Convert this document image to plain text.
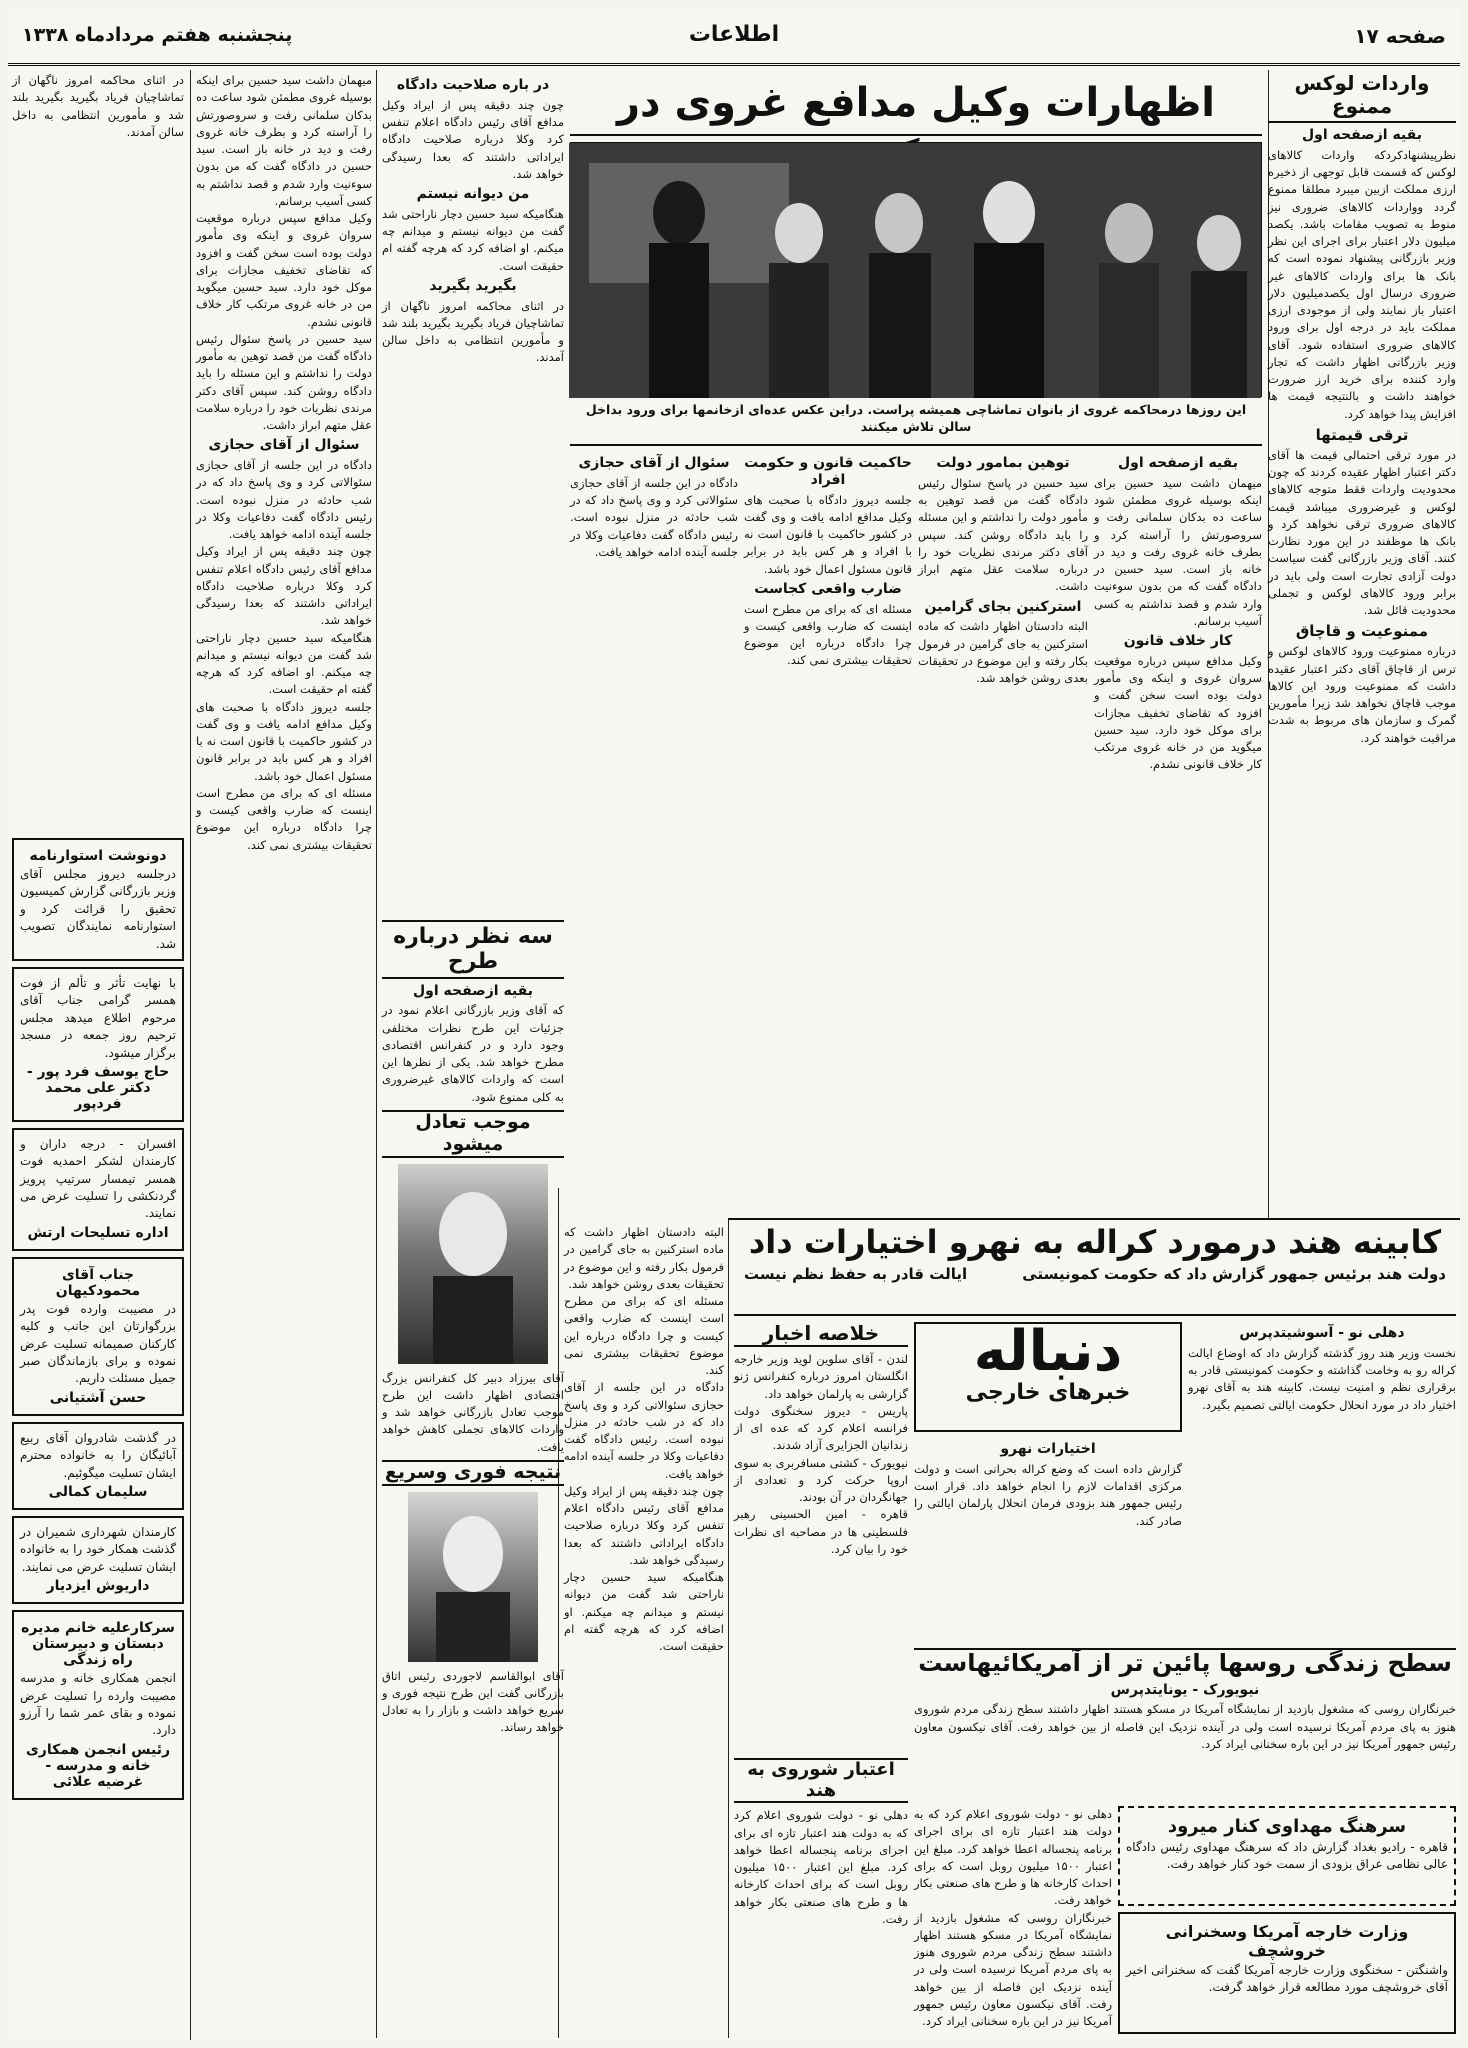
صفحه ۱۷
اطلاعات
پنجشنبه هفتم مردادماه ۱۳۳۸
واردات لوکس ممنوع
بقیه ازصفحه اول
نظرپیشنهادکردکه واردات کالاهای لوکس که قسمت قابل توجهی از ذخیره ارزی مملکت ازبین میبرد مطلقا ممنوع گردد وواردات کالاهای ضروری نیز منوط به تصویب مقامات باشد. یکصد میلیون دلار اعتبار برای اجرای این نظر وزیر بازرگانی پیشنهاد نموده است که بانک ها برای واردات کالاهای غیر ضروری درسال اول یکصدمیلیون دلار اعتبار باز نمایند ولی از موجودی ارزی مملکت باید در درجه اول برای ورود کالاهای ضروری استفاده شود. آقای وزیر بازرگانی اظهار داشت که تجار وارد کننده برای خرید ارز ضرورت خواهند داشت و بالنتیجه قیمت ها افزایش پیدا خواهد کرد.
ترقی قیمتها
در مورد ترقی احتمالی قیمت ها آقای دکتر اعتبار اظهار عقیده کردند که چون محدودیت واردات فقط متوجه کالاهای لوکس و غیرضروری میباشد قیمت کالاهای ضروری ترقی نخواهد کرد و بانک ها موظفند در این مورد نظارت کنند. آقای وزیر بازرگانی گفت سیاست دولت آزادی تجارت است ولی باید در برابر ورود کالاهای لوکس و تجملی محدودیت قائل شد.
ممنوعیت و قاچاق
درباره ممنوعیت ورود کالاهای لوکس و ترس از قاچاق آقای دکتر اعتبار عقیده داشت که ممنوعیت ورود این کالاها موجب قاچاق نخواهد شد زیرا مأمورین گمرک و سازمان های مربوط به شدت مراقبت خواهند کرد.
اظهارات وکیل مدافع غروی در
این روزها درمحاکمه غروی از بانوان تماشاچی همیشه پراست. دراین عکس عده‌ای ازخانمها برای ورود بداخل سالن تلاش میکنند
بقیه ازصفحه اول
میهمان داشت سید حسین برای اینکه بوسیله غروی مطمئن شود ساعت ده بدکان سلمانی رفت و سروصورتش را آراسته کرد و بطرف خانه غروی رفت و دید در خانه باز است. سید حسین در دادگاه گفت که من بدون سوءنیت وارد شدم و قصد نداشتم به کسی آسیب برسانم.
کار خلاف قانون
وکیل مدافع سپس درباره موقعیت سروان غروی و اینکه وی مأمور دولت بوده است سخن گفت و افزود که تقاضای تخفیف مجازات برای موکل خود دارد. سید حسین میگوید من در خانه غروی مرتکب کار خلاف قانونی نشدم.
توهین بمامور دولت
سید حسین در پاسخ سئوال رئیس دادگاه گفت من قصد توهین به مأمور دولت را نداشتم و این مسئله را باید دادگاه روشن کند. سپس آقای دکتر مرندی نظریات خود را درباره سلامت عقل متهم ابراز داشت.
استرکنین بجای گرامین
البته دادستان اظهار داشت که ماده استرکنین به جای گرامین در فرمول بکار رفته و این موضوع در تحقیقات بعدی روشن خواهد شد.
حاکمیت قانون و حکومت افراد
جلسه دیروز دادگاه با صحبت های وکیل مدافع ادامه یافت و وی گفت در کشور حاکمیت با قانون است نه با افراد و هر کس باید در برابر قانون مسئول اعمال خود باشد.
ضارب واقعی کجاست
مسئله ای که برای من مطرح است اینست که ضارب واقعی کیست و چرا دادگاه درباره این موضوع تحقیقات بیشتری نمی کند.
سئوال از آقای حجازی
دادگاه در این جلسه از آقای حجازی سئوالاتی کرد و وی پاسخ داد که در شب حادثه در منزل نبوده است. رئیس دادگاه گفت دفاعیات وکلا در جلسه آینده ادامه خواهد یافت.
در باره صلاحیت دادگاه
چون چند دقیقه پس از ایراد وکیل مدافع آقای رئیس دادگاه اعلام تنفس کرد وکلا درباره صلاحیت دادگاه ایراداتی داشتند که بعدا رسیدگی خواهد شد.
من دیوانه نیستم
هنگامیکه سید حسین دچار ناراحتی شد گفت من دیوانه نیستم و میدانم چه میکنم. او اضافه کرد که هرچه گفته ام حقیقت است.
بگیرید بگیرید
در اثنای محاکمه امروز ناگهان از تماشاچیان فریاد بگیرید بگیرید بلند شد و مأمورین انتظامی به داخل سالن آمدند.
سه نظر درباره طرح
بقیه ازصفحه اول
که آقای وزیر بازرگانی اعلام نمود در جزئیات این طرح نظرات مختلفی وجود دارد و در کنفرانس اقتصادی مطرح خواهد شد. یکی از نظرها این است که واردات کالاهای غیرضروری به کلی ممنوع شود.
موجب تعادل میشود
آقای بیرزاد دبیر کل کنفرانس بزرگ اقتصادی اظهار داشت این طرح موجب تعادل بازرگانی خواهد شد و واردات کالاهای تجملی کاهش خواهد یافت.
نتیجه فوری وسریع
آقای ابوالقاسم لاجوردی رئیس اتاق بازرگانی گفت این طرح نتیجه فوری و سریع خواهد داشت و بازار را به تعادل خواهد رساند.
در اثنای محاکمه امروز ناگهان از تماشاچیان فریاد بگیرید بگیرید بلند شد و مأمورین انتظامی به داخل سالن آمدند.
دونوشت استوارنامه
درجلسه دیروز مجلس آقای وزیر بازرگانی گزارش کمیسیون تحقیق را قرائت کرد و استوارنامه نمایندگان تصویب شد.
با نهایت تأثر و تألم از فوت همسر گرامی جناب آقای مرحوم اطلاع میدهد مجلس ترحیم روز جمعه در مسجد برگزار میشود.
حاج یوسف فرد پور - دکتر علی محمد فردپور
افسران - درجه داران و کارمندان لشکر احمدیه فوت همسر تیمسار سرتیپ پرویز گردنکشی را تسلیت عرض می نمایند.
اداره تسلیحات ارتش
جناب آقای محمودکیهان
در مصیبت وارده فوت پدر بزرگوارتان این جانب و کلیه کارکنان صمیمانه تسلیت عرض نموده و برای بازماندگان صبر جمیل مسئلت داریم.
حسن آشتیانی
در گذشت شادروان آقای ربیع آبائیگان را به خانواده محترم ایشان تسلیت میگوئیم.
سلیمان کمالی
کارمندان شهرداری شمیران در گذشت همکار خود را به خانواده ایشان تسلیت عرض می نمایند.
داریوش ایزدیار
سرکارعلیه خانم مدیره دبستان و دبیرستان راه زندگی
انجمن همکاری خانه و مدرسه مصیبت وارده را تسلیت عرض نموده و بقای عمر شما را آرزو دارد.
رئیس انجمن همکاری خانه و مدرسه - غرضیه علائی
میهمان داشت سید حسین برای اینکه بوسیله غروی مطمئن شود ساعت ده بدکان سلمانی رفت و سروصورتش را آراسته کرد و بطرف خانه غروی رفت و دید در خانه باز است. سید حسین در دادگاه گفت که من بدون سوءنیت وارد شدم و قصد نداشتم به کسی آسیب برسانم.
وکیل مدافع سپس درباره موقعیت سروان غروی و اینکه وی مأمور دولت بوده است سخن گفت و افزود که تقاضای تخفیف مجازات برای موکل خود دارد. سید حسین میگوید من در خانه غروی مرتکب کار خلاف قانونی نشدم.
سید حسین در پاسخ سئوال رئیس دادگاه گفت من قصد توهین به مأمور دولت را نداشتم و این مسئله را باید دادگاه روشن کند. سپس آقای دکتر مرندی نظریات خود را درباره سلامت عقل متهم ابراز داشت.
سئوال از آقای حجازی
دادگاه در این جلسه از آقای حجازی سئوالاتی کرد و وی پاسخ داد که در شب حادثه در منزل نبوده است. رئیس دادگاه گفت دفاعیات وکلا در جلسه آینده ادامه خواهد یافت.
چون چند دقیقه پس از ایراد وکیل مدافع آقای رئیس دادگاه اعلام تنفس کرد وکلا درباره صلاحیت دادگاه ایراداتی داشتند که بعدا رسیدگی خواهد شد.
هنگامیکه سید حسین دچار ناراحتی شد گفت من دیوانه نیستم و میدانم چه میکنم. او اضافه کرد که هرچه گفته ام حقیقت است.
جلسه دیروز دادگاه با صحبت های وکیل مدافع ادامه یافت و وی گفت در کشور حاکمیت با قانون است نه با افراد و هر کس باید در برابر قانون مسئول اعمال خود باشد.
مسئله ای که برای من مطرح است اینست که ضارب واقعی کیست و چرا دادگاه درباره این موضوع تحقیقات بیشتری نمی کند.
کابینه هند درمورد کراله به نهرو اختیارات داد
دولت هند برئیس جمهور گزارش داد که حکومت کمونیستی
ایالت قادر به حفظ نظم نیست
دهلی نو - آسوشیتدپرس
نخست وزیر هند روز گذشته گزارش داد که اوضاع ایالت کراله رو به وخامت گذاشته و حکومت کمونیستی قادر به برقراری نظم و امنیت نیست. کابینه هند به آقای نهرو اختیار داد در مورد انحلال حکومت ایالتی تصمیم بگیرد.
دنباله
خبرهای خارجی
اختیارات نهرو
گزارش داده است که وضع کراله بحرانی است و دولت مرکزی اقدامات لازم را انجام خواهد داد. قرار است رئیس جمهور هند بزودی فرمان انحلال پارلمان ایالتی را صادر کند.
خلاصه اخبار
لندن - آقای سلوین لوید وزیر خارجه انگلستان امروز درباره کنفرانس ژنو گزارشی به پارلمان خواهد داد.
پاریس - دیروز سخنگوی دولت فرانسه اعلام کرد که عده ای از زندانیان الجزایری آزاد شدند.
نیویورک - کشتی مسافربری به سوی اروپا حرکت کرد و تعدادی از جهانگردان در آن بودند.
قاهره - امین الحسینی رهبر فلسطینی ها در مصاحبه ای نظرات خود را بیان کرد.
سطح زندگی روسها پائین تر از آمریکائیهاست
نیویورک - یونایتدپرس
خبرنگاران روسی که مشغول بازدید از نمایشگاه آمریکا در مسکو هستند اظهار داشتند سطح زندگی مردم شوروی هنوز به پای مردم آمریکا نرسیده است ولی در آینده نزدیک این فاصله از بین خواهد رفت. آقای نیکسون معاون رئیس جمهور آمریکا نیز در این باره سخنانی ایراد کرد.
اعتبار شوروی به هند
دهلی نو - دولت شوروی اعلام کرد که به دولت هند اعتبار تازه ای برای اجرای برنامه پنجساله اعطا خواهد کرد. مبلغ این اعتبار ۱۵۰۰ میلیون روبل است که برای احداث کارخانه ها و طرح های صنعتی بکار خواهد رفت.
سرهنگ مهداوی کنار میرود
قاهره - رادیو بغداد گزارش داد که سرهنگ مهداوی رئیس دادگاه عالی نظامی عراق بزودی از سمت خود کنار خواهد رفت.
وزارت خارجه آمریکا وسخنرانی خروشچف
واشنگتن - سخنگوی وزارت خارجه آمریکا گفت که سخنرانی اخیر آقای خروشچف مورد مطالعه قرار خواهد گرفت.
دهلی نو - دولت شوروی اعلام کرد که به دولت هند اعتبار تازه ای برای اجرای برنامه پنجساله اعطا خواهد کرد. مبلغ این اعتبار ۱۵۰۰ میلیون روبل است که برای احداث کارخانه ها و طرح های صنعتی بکار خواهد رفت.
خبرنگاران روسی که مشغول بازدید از نمایشگاه آمریکا در مسکو هستند اظهار داشتند سطح زندگی مردم شوروی هنوز به پای مردم آمریکا نرسیده است ولی در آینده نزدیک این فاصله از بین خواهد رفت. آقای نیکسون معاون رئیس جمهور آمریکا نیز در این باره سخنانی ایراد کرد.
البته دادستان اظهار داشت که ماده استرکنین به جای گرامین در فرمول بکار رفته و این موضوع در تحقیقات بعدی روشن خواهد شد.
مسئله ای که برای من مطرح است اینست که ضارب واقعی کیست و چرا دادگاه درباره این موضوع تحقیقات بیشتری نمی کند.
دادگاه در این جلسه از آقای حجازی سئوالاتی کرد و وی پاسخ داد که در شب حادثه در منزل نبوده است. رئیس دادگاه گفت دفاعیات وکلا در جلسه آینده ادامه خواهد یافت.
چون چند دقیقه پس از ایراد وکیل مدافع آقای رئیس دادگاه اعلام تنفس کرد وکلا درباره صلاحیت دادگاه ایراداتی داشتند که بعدا رسیدگی خواهد شد.
هنگامیکه سید حسین دچار ناراحتی شد گفت من دیوانه نیستم و میدانم چه میکنم. او اضافه کرد که هرچه گفته ام حقیقت است.
